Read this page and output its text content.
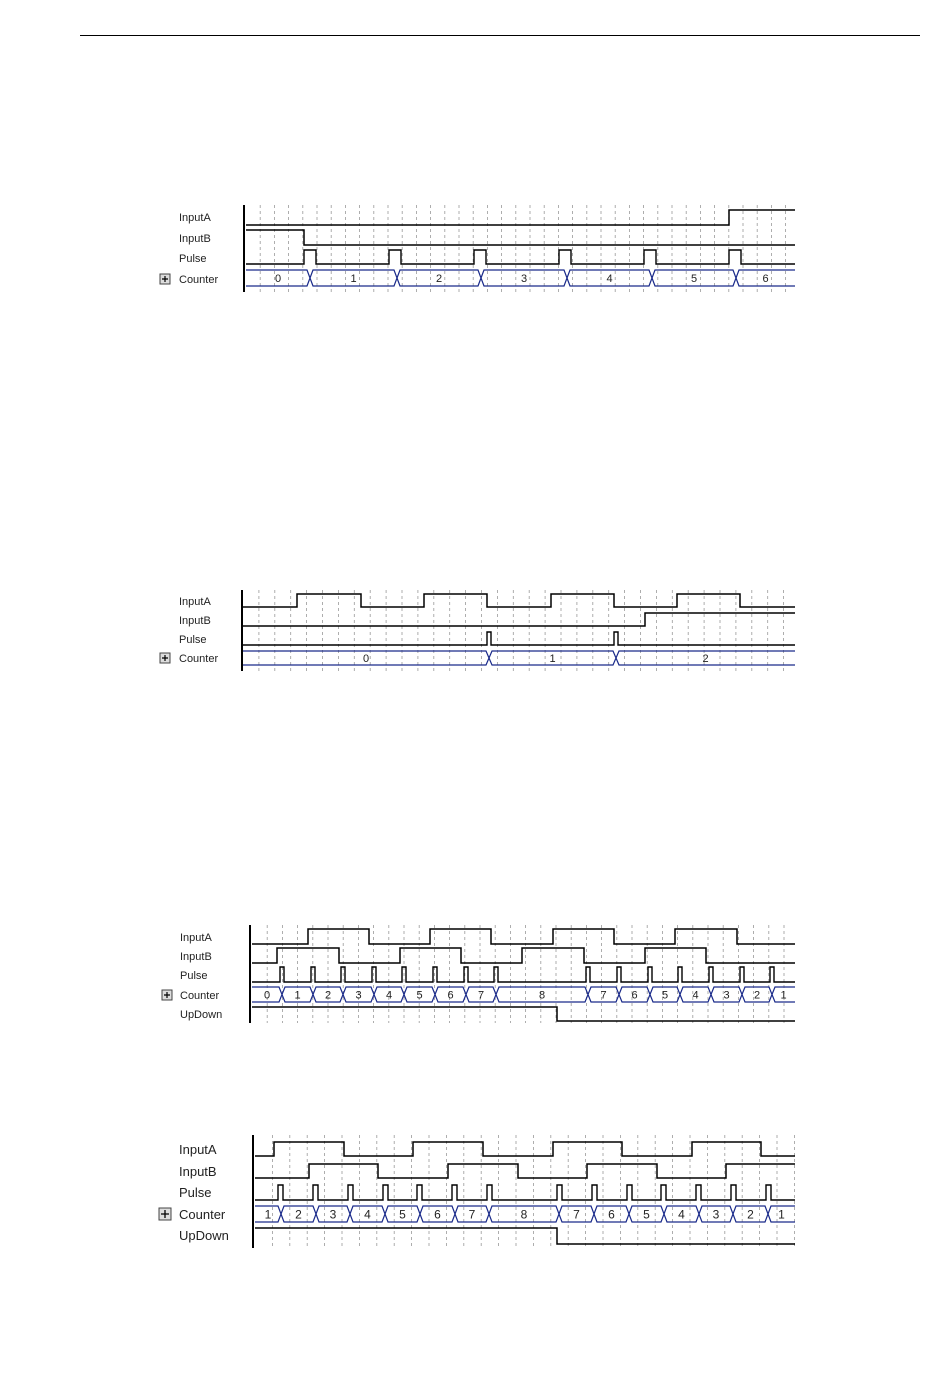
InputA
InputB
Pulse
Counter	0	1	2	3	4	5	6
InputA
InputB
Pulse
Counter	0	1	2
InputA
InputB
Pulse
Counter
UpDown
0 1 2 3 4 5 6 7	8	7 6 5 4 3 2 1
InputA
InputB
Pulse
Counter
UpDown
1 2 3 4 5 6 7	8	7 6 5 4 3 2 1
